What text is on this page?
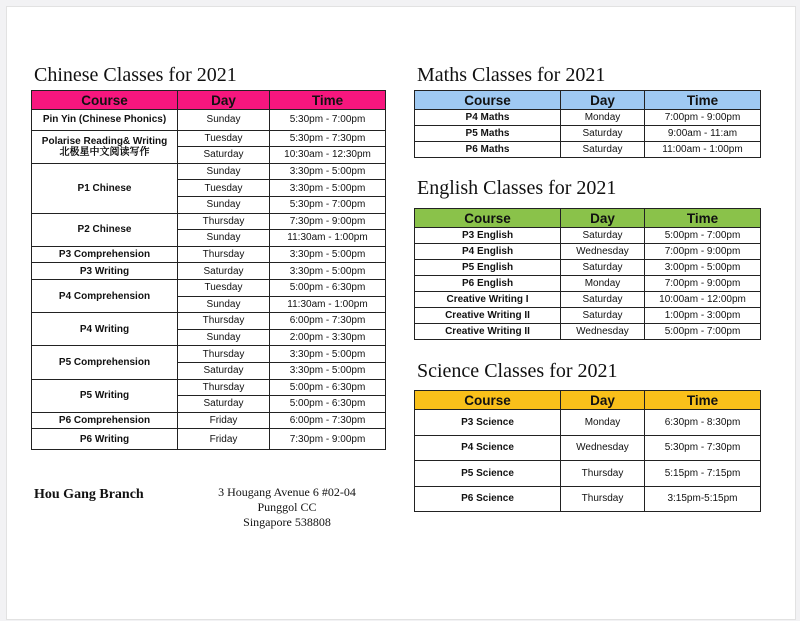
Chinese Classes for 2021
Course	Day	Time

Pin Yin (Chinese Phonics)	Sunday	5:30pm - 7:00pm

Polarise Reading& Writing
北极星中文阅读写作	Tuesday	5:30pm - 7:30pm
	Saturday	10:30am - 12:30pm

P1 Chinese	Sunday	3:30pm - 5:00pm
	Tuesday	3:30pm - 5:00pm
	Sunday	5:30pm - 7:00pm

P2 Chinese	Thursday	7:30pm - 9:00pm
	Sunday	11:30am - 1:00pm

P3 Comprehension	Thursday	3:30pm - 5:00pm

P3 Writing	Saturday	3:30pm - 5:00pm

P4 Comprehension	Tuesday	5:00pm - 6:30pm
	Sunday	11:30am - 1:00pm

P4 Writing	Thursday	6:00pm - 7:30pm
	Sunday	2:00pm - 3:30pm

P5 Comprehension	Thursday	3:30pm - 5:00pm
	Saturday	3:30pm - 5:00pm

P5 Writing	Thursday	5:00pm - 6:30pm
	Saturday	5:00pm - 6:30pm

P6 Comprehension	Friday	6:00pm - 7:30pm

P6 Writing	Friday	7:30pm - 9:00pm
Maths Classes for 2021
Course	Day	Time
P4 Maths	Monday	7:00pm - 9:00pm
P5 Maths	Saturday	9:00am - 11:am
P6 Maths	Saturday	11:00am - 1:00pm
English Classes for 2021
Course	Day	Time
P3 English	Saturday	5:00pm - 7:00pm
P4 English	Wednesday	7:00pm - 9:00pm
P5 English	Saturday	3:00pm - 5:00pm
P6 English	Monday	7:00pm - 9:00pm
Creative Writing I	Saturday	10:00am - 12:00pm
Creative Writing II	Saturday	1:00pm - 3:00pm
Creative Writing II	Wednesday	5:00pm - 7:00pm
Science Classes for 2021
Course	Day	Time
P3 Science	Monday	6:30pm - 8:30pm
P4 Science	Wednesday	5:30pm - 7:30pm
P5 Science	Thursday	5:15pm - 7:15pm
P6 Science	Thursday	3:15pm-5:15pm
Hou Gang Branch	3 Hougang Avenue 6 #02-04
Punggol CC
Singapore 538808
